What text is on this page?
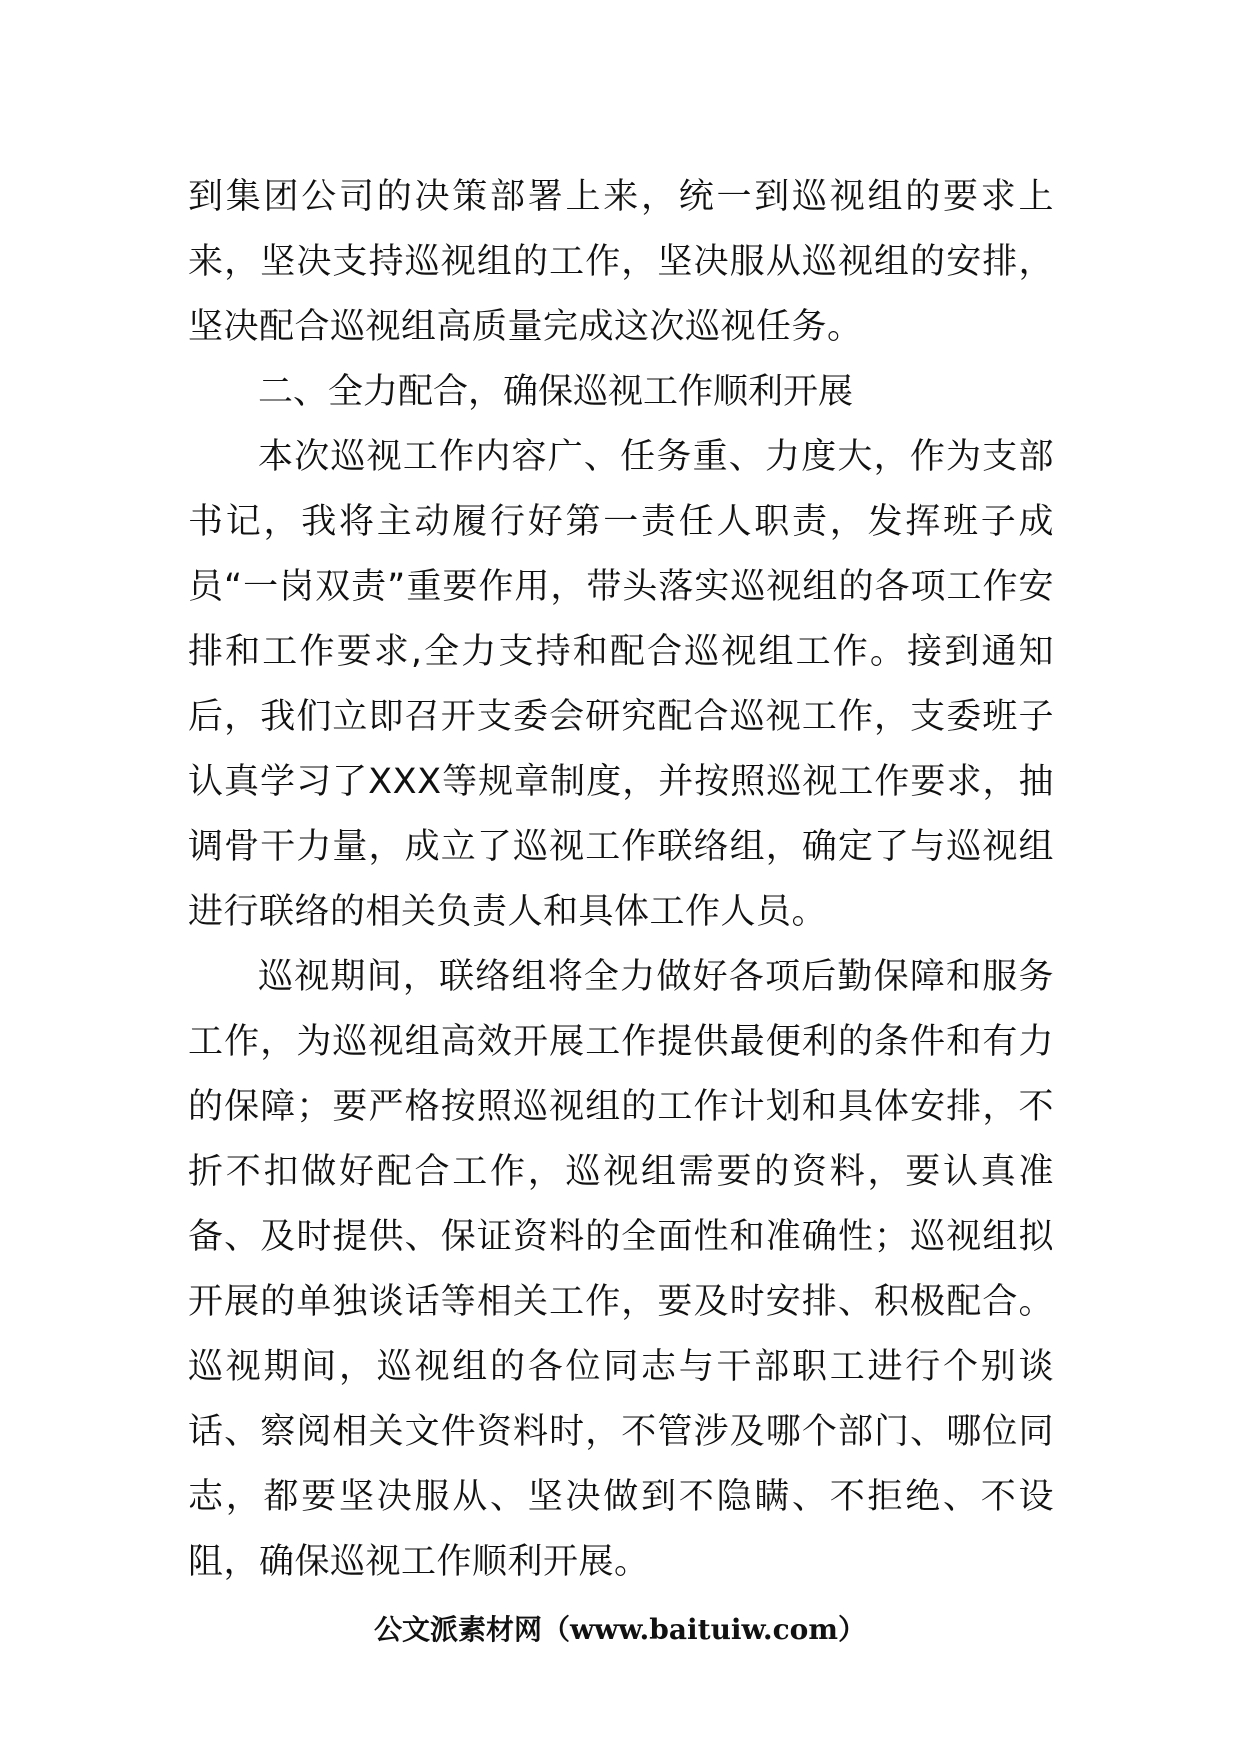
到集团公司的决策部署上来，统一到巡视组的要求上来，坚决支持巡视组的工作，坚决服从巡视组的安排，坚决配合巡视组高质量完成这次巡视任务。

二、全力配合，确保巡视工作顺利开展

本次巡视工作内容广、任务重、力度大，作为支部书记，我将主动履行好第一责任人职责，发挥班子成员“一岗双责”重要作用，带头落实巡视组的各项工作安排和工作要求,全力支持和配合巡视组工作。接到通知后，我们立即召开支委会研究配合巡视工作，支委班子认真学习了XXX等规章制度，并按照巡视工作要求，抽调骨干力量，成立了巡视工作联络组，确定了与巡视组进行联络的相关负责人和具体工作人员。

巡视期间，联络组将全力做好各项后勤保障和服务工作，为巡视组高效开展工作提供最便利的条件和有力的保障；要严格按照巡视组的工作计划和具体安排，不折不扣做好配合工作，巡视组需要的资料，要认真准备、及时提供、保证资料的全面性和准确性；巡视组拟开展的单独谈话等相关工作，要及时安排、积极配合。巡视期间，巡视组的各位同志与干部职工进行个别谈话、察阅相关文件资料时，不管涉及哪个部门、哪位同志，都要坚决服从、坚决做到不隐瞒、不拒绝、不设阻，确保巡视工作顺利开展。

公文派素材网（www.baituiw.com）
